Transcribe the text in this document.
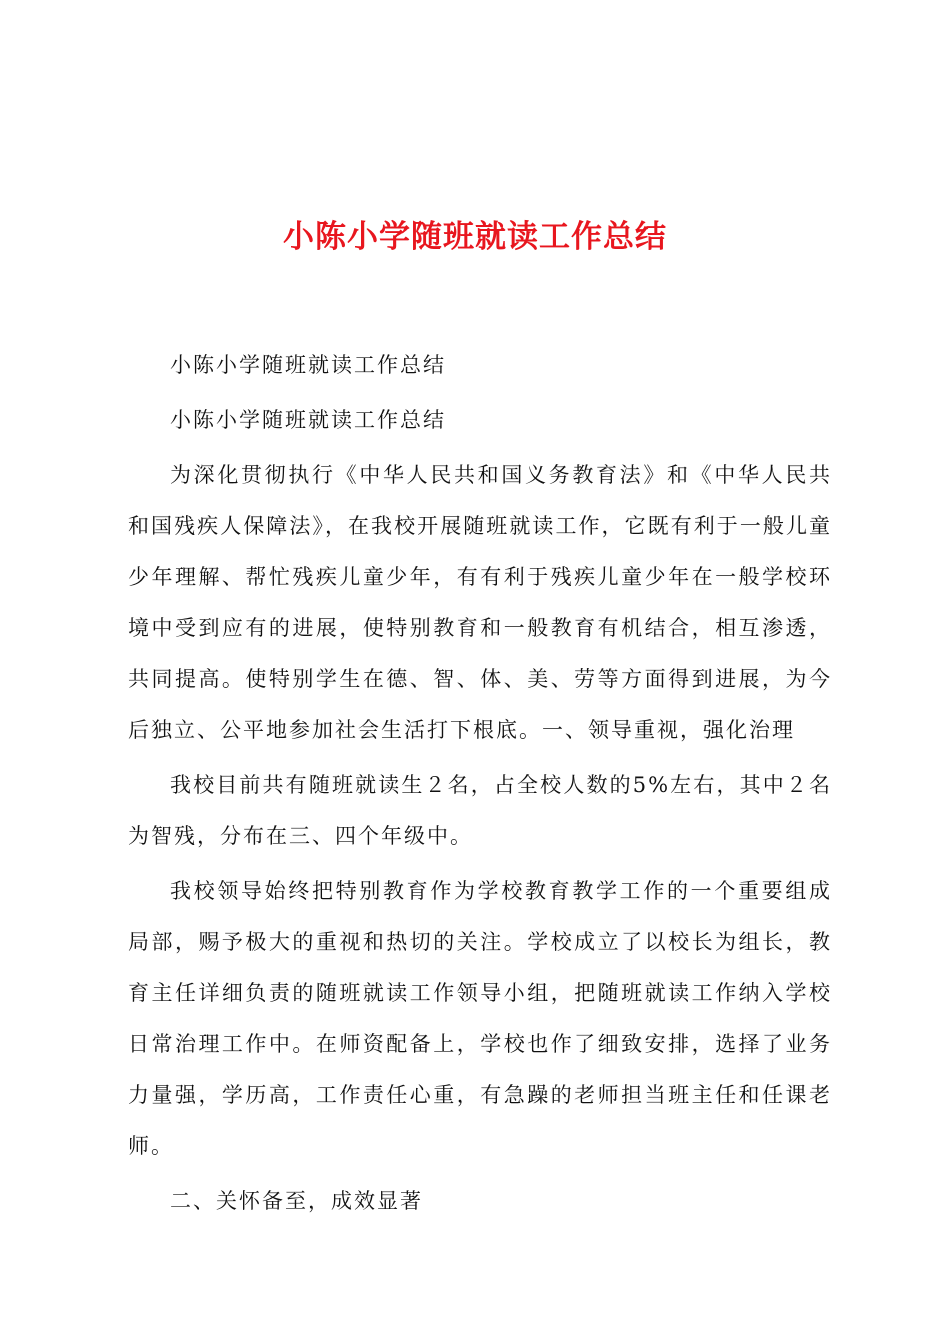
小陈小学随班就读工作总结

小陈小学随班就读工作总结

小陈小学随班就读工作总结

为深化贯彻执行《中华人民共和国义务教育法》和《中华人民共和国残疾人保障法》，在我校开展随班就读工作，它既有利于一般儿童少年理解、帮忙残疾儿童少年，有有利于残疾儿童少年在一般学校环境中受到应有的进展，使特别教育和一般教育有机结合，相互渗透，共同提高。使特别学生在德、智、体、美、劳等方面得到进展，为今后独立、公平地参加社会生活打下根底。一、领导重视，强化治理

我校目前共有随班就读生２名，占全校人数的5%左右，其中２名为智残，分布在三、四个年级中。

我校领导始终把特别教育作为学校教育教学工作的一个重要组成局部，赐予极大的重视和热切的关注。学校成立了以校长为组长，教育主任详细负责的随班就读工作领导小组，把随班就读工作纳入学校日常治理工作中。在师资配备上，学校也作了细致安排，选择了业务力量强，学历高，工作责任心重，有急躁的老师担当班主任和任课老师。

二、关怀备至，成效显著
